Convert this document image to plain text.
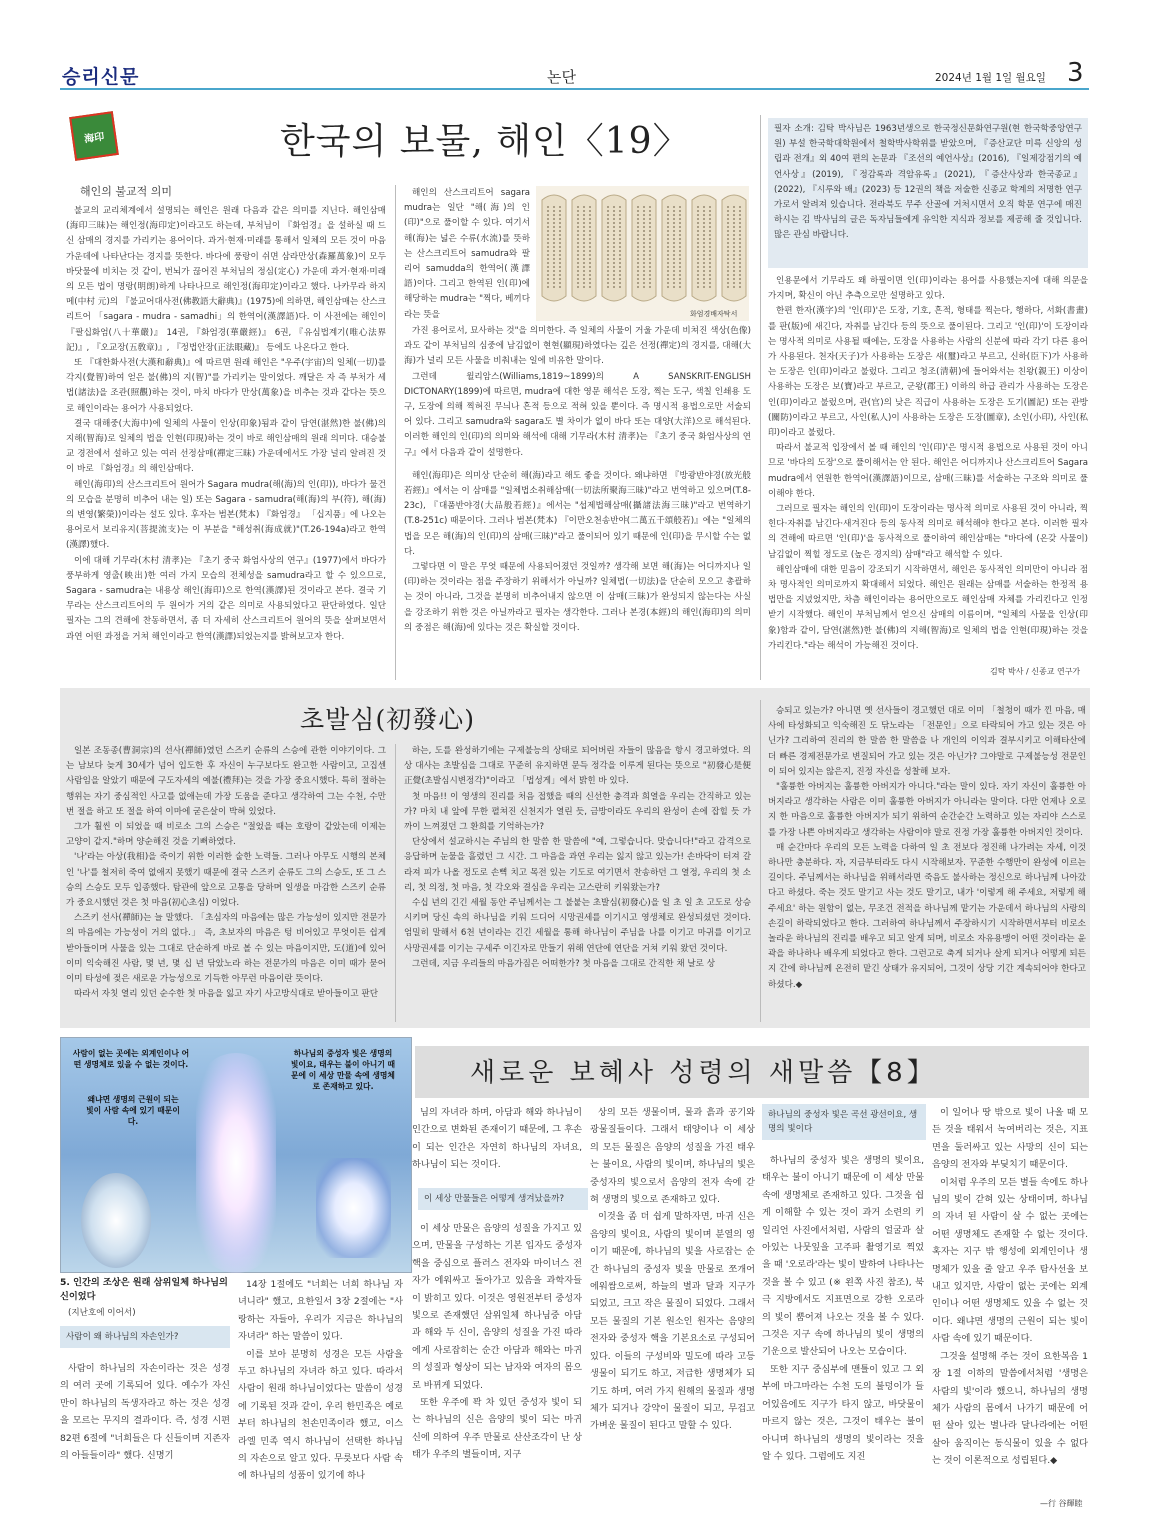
승리신문	논단	2024년 1월 1일 월요일 3
海印	한국의 보물, 해인〈19〉
해인의 불교적 의미

불교의 교리체계에서 설명되는 해인은 원래 다음과 같은 의미를 지닌다. 해인삼매(海印三昧)는 해인정(海印定)이라고도 하는데, 부처님이 『화엄경』을 설하실 때 드신 삼매의 경지를 가리키는 용어이다. 과거·현재·미래를 통해서 일체의 모든 것이 마음 가운데에 나타난다는 경지를 뜻한다. 바다에 풍랑이 쉬면 삼라만상(森羅萬象)이 모두 바닷물에 비치는 것 같이, 번뇌가 끊어진 부처님의 정심(定心) 가운데 과거·현재·미래의 모든 법이 명랑(明朗)하게 나타나므로 해인정(海印定)이라고 했다. 나카무라 하지메(中村 元)의 『불교어대사전(佛教語大辭典)』(1975)에 의하면, 해인삼매는 산스크리트어 「sagara - mudra - samadhi」의 한역어(漢譯語)다. 이 사전에는 해인이 『팔십화엄(八十華嚴)』 14권, 『화엄경(華嚴經)』 6권, 『유심법계기(唯心法界記)』, 『오교장(五敎章)』, 『정법안장(正法眼藏)』 등에도 나온다고 한다.

또 『대한화사전(大漢和辭典)』에 따르면 원래 해인은 "우주(宇宙)의 일체(一切)를 각지(覺智)하여 얻은 불(佛)의 지(智)"를 가리키는 말이었다. 깨달은 자 즉 부처가 세법(諸法)을 조관(照觀)하는 것이, 마치 바다가 만상(萬象)을 비추는 것과 같다는 뜻으로 해인이라는 용어가 사용되었다.

결국 대해중(大海中)에 일체의 사물이 인상(印象)됨과 같이 담연(湛然)한 불(佛)의 지해(智海)로 일체의 법을 인현(印現)하는 것이 바로 해인삼매의 원래 의미다. 대승불교 경전에서 설하고 있는 여러 선정삼매(禪定三昧) 가운데에서도 가장 널리 알려진 것이 바로 『화엄경』의 해인삼매다.

해인(海印)의 산스크리트어 원어가 Sagara mudra(해(海)의 인(印)), 바다가 물건의 모습을 분명히 비추어 내는 일) 또는 Sagara - samudra(해(海)의 부(符), 해(海)의 변영(繁榮))이라는 설도 있다. 후자는 범본(梵本) 『화엄경』 「십지품」에 나오는 용어로서 보리유지(菩提流支)는 이 부분을 "해성취(海成就)"(T.26-194a)라고 한역(漢譯)했다.

이에 대해 기무라(木村 清孝)는 『초기 중국 화엄사상의 연구』(1977)에서 바다가 풍부하게 영출(映出)한 여러 가지 모습의 전체성을 samudra라고 할 수 있으므로, Sagara - samudra는 내용상 해인(海印)으로 한역(漢譯)된 것이라고 본다. 결국 기무라는 산스크리트어의 두 원어가 거의 같은 의미로 사용되었다고 판단하였다. 일단 필자는 그의 견해에 찬동하면서, 좀 더 자세히 산스크리트어 원어의 뜻을 살펴보면서 과연 어떤 과정을 거쳐 해인이라고 한역(漢譯)되었는지를 밝혀보고자 한다.

해인의 산스크리트어 sagara mudra는 일단 "해(海)의 인(印)"으로 풀이할 수 있다. 여기서 해(海)는 넓은 수류(水流)를 뜻하는 산스크리트어 samudra와 팔리어 samudda의 한역어(漢譯語)이다. 그리고 한역된 인(印)에 해당하는 mudra는 "찍다, 베끼다 라는 뜻을	화엄경배자탁서

가진 용어로서, 묘사하는 것"을 의미한다. 즉 일체의 사물이 거울 가운데 비쳐진 색상(色像)과도 같이 부처님의 심중에 남김없이 현현(顯現)하였다는 깊은 선정(禪定)의 경지를, 대해(大海)가 널리 모든 사물을 비춰내는 일에 비유한 말이다.

그런데 윌리암스(Williams,1819~1899)의 A SANSKRIT-ENGLISH DICTONARY(1899)에 따르면, mudra에 대한 영문 해석은 도장, 찍는 도구, 색칠 인쇄용 도구, 도장에 의해 찍혀진 무늬나 흔적 등으로 적혀 있을 뿐이다. 즉 명시적 용법으로만 서술되어 있다. 그리고 samudra와 sagara도 별 차이가 없이 바다 또는 대양(大洋)으로 해석된다. 이러한 해인의 인(印)의 의미와 해석에 대해 기무라(木村 清孝)는 『초기 중국 화엄사상의 연구』에서 다음과 같이 설명한다.

해인(海印)은 의미상 단순히 해(海)라고 해도 좋을 것이다. 왜냐하면 『방광반야경(放光般若經)』에서는 이 삼매를 "일체법소취해삼매(一切法所聚海三昧)"라고 번역하고 있으며(T.8-23c), 『대품반야경(大品般若經)』에서는 "섭제법해삼매(攝諸法海三昧)"라고 번역하기(T.8-251c) 때문이다. 그러나 범본(梵本) 『이만오천송반야(二萬五千頌般若)』에는 "일체의 법을 모은 해(海)의 인(印)의 삼매(三昧)"라고 풀이되어 있기 때문에 인(印)을 무시할 수는 없다.

그렇다면 이 말은 무엇 때문에 사용되어졌던 것일까? 생각해 보면 해(海)는 어디까지나 일(印)하는 것이라는 점을 주장하기 위해서가 아닐까? 일체법(一切法)을 단순히 모으고 총괄하는 것이 아니라, 그것을 분명히 비추어내지 않으면 이 삼매(三昧)가 완성되지 않는다는 사실을 강조하기 위한 것은 아닐까라고 필자는 생각한다. 그러나 본경(本經)의 해인(海印)의 의미의 중점은 해(海)에 있다는 것은 확실할 것이다.

필자 소개: 김탁 박사님은 1963년생으로 한국정신문화연구원(현 한국학중앙연구원) 부설 한국학대학원에서 철학박사학위를 받았으며, 『증산교단 미륵 신앙의 성립과 전개』외 40여 편의 논문과 『조선의 예언사상』(2016), 『일제강점기의 예언사상』(2019), 『정감록과 격암유록』(2021), 『증산사상과 한국종교』(2022), 『시루와 배』(2023) 등 12권의 책을 저술한 신종교 학계의 저명한 연구가로서 알려져 있습니다. 전라북도 무주 산골에 거처시면서 오직 학문 연구에 매진하시는 김 박사님의 글은 독자님들에게 유익한 지식과 정보를 제공해 줄 것입니다. 많은 관심 바랍니다.

인용문에서 기무라도 왜 하필이면 인(印)이라는 용어를 사용했는지에 대해 의문을 가지며, 확신이 아닌 추측으로만 설명하고 있다.

한편 한자(漢字)의 '인(印)'은 도장, 기호, 흔적, 형태를 찍는다, 행하다, 서화(書畫)를 판(版)에 새긴다, 자취를 남긴다 등의 뜻으로 풀이된다. 그리고 '인(印)'이 도장이라는 명사적 의미로 사용될 때에는, 도장을 사용하는 사람의 신분에 따라 각기 다른 용어가 사용된다. 천자(天子)가 사용하는 도장은 새(璽)라고 부르고, 신하(臣下)가 사용하는 도장은 인(印)이라고 불렀다. 그리고 청조(清朝)에 들어와서는 친왕(親王) 이상이 사용하는 도장은 보(寶)라고 부르고, 군왕(郡王) 이하의 하급 관리가 사용하는 도장은 인(印)이라고 불렀으며, 관(官)의 낮은 직급이 사용하는 도장은 도기(圖記) 또는 관방(關防)이라고 부르고, 사인(私人)이 사용하는 도장은 도장(圖章), 소인(小印), 사인(私印)이라고 불렀다.

따라서 불교적 입장에서 볼 때 해인의 '인(印)'은 명시적 용법으로 사용된 것이 아니므로 '바다의 도장'으로 풀이해서는 안 된다. 해인은 어디까지나 산스크리트어 Sagara mudra에서 연원한 한역어(漢譯語)이므로, 삼매(三昧)를 서술하는 구조와 의미로 풀이해야 한다.

그러므로 필자는 해인의 인(印)이 도장이라는 명사적 의미로 사용된 것이 아니라, 찍힌다·자취를 남긴다·새겨진다 등의 동사적 의미로 해석해야 한다고 본다. 이러한 필자의 견해에 따르면 '인(印)'을 동사적으로 풀이하여 해인삼매는 "바다에 (온갖 사물이) 남김없이 찍힐 정도로 (높은 경지의) 삼매"라고 해석할 수 있다.

해인삼매에 대한 믿음이 강조되기 시작하면서, 해인은 동사적인 의미만이 아니라 점차 명사적인 의미로까지 확대해서 되었다. 해인은 원래는 삼매를 서술하는 한정적 용법만을 지녔었지만, 차츰 해인이라는 용어만으로도 해인삼매 자체를 가리킨다고 인정받기 시작했다. 해인이 부처님께서 얻으신 삼매의 이름이며, "일체의 사물을 인상(印象)함과 같이, 담연(湛然)한 불(佛)의 지해(智海)로 일체의 법을 인현(印現)하는 것을 가리킨다."라는 해석이 가능해진 것이다.

김탁 박사 / 신종교 연구가
초발심(初發心)

일본 조동종(曹洞宗)의 선사(禪師)였던 스즈키 순류의 스승에 관한 이야기이다. 그는 남보다 늦게 30세가 넘어 입도한 후 자신이 누구보다도 완고한 사람이고, 고집센 사람임을 알았기 때문에 구도자세의 예불(禮拜)는 것을 가장 중요시했다. 특히 절하는 행위는 자기 중심적인 사고를 없애는데 가장 도움을 준다고 생각하여 그는 수천, 수만 번 절을 하고 또 절을 하여 이마에 굳은살이 박혀 있었다.

그가 훨씬 이 되었을 때 비로소 그의 스승은 "절었을 때는 호랑이 같았는데 이제는 고양이 같지."하며 양순해진 것을 기뻐하였다.

'나'라는 아상(我相)을 죽이기 위한 이러한 숱한 노력들. 그러나 아무도 시행의 본체인 '나'를 철저히 죽여 없애지 못했기 때문에 결국 스즈키 순류도 그의 스승도, 또 그 스승의 스승도 모두 입종했다. 탐관에 앞으로 고통을 당하며 일생을 마감한 스즈키 순류가 중요시했던 것은 첫 마음(初心초심) 이었다.

스즈키 선사(禪師)는 늘 말했다. 「초심자의 마음에는 많은 가능성이 있지만 전문가의 마음에는 가능성이 거의 없다.」 즉, 초보자의 마음은 텅 비어있고 무엇이든 쉽게 받아들이며 사물을 있는 그대로 단순하게 바로 볼 수 있는 마음이지만, 도(道)에 있어 이미 익숙해진 사람, 몇 년, 몇 십 년 닦았노라 하는 전문가의 마음은 이미 때가 묻어 이미 타성에 젖은 새로운 가능성으로 기득한 아무런 마음이란 뜻이다.

따라서 자칫 열리 있던 순수한 첫 마음을 잃고 자기 사고방식대로 받아들이고 판단

하는, 도를 완성하기에는 구제불능의 상태로 되어버린 자들이 많음을 항시 경고하였다. 의상 대사는 초발심을 그대로 꾸준히 유지하면 문득 정각을 이루게 된다는 뜻으로 "初發心是便正覺(초발심시변정각)"이라고 「법성게」에서 밝힌 바 있다.

첫 마음!! 이 영생의 진리를 처음 접했을 때의 신선한 충격과 희열을 우리는 간직하고 있는가? 마치 내 앞에 무한 펼쳐진 신천지가 열린 듯, 금방이라도 우리의 완성이 손에 잡힐 듯 가까이 느껴졌던 그 환희를 기억하는가?

단상에서 설교하시는 주님의 한 말씀 한 말씀에 "예, 그렇습니다. 맞습니다!"라고 감격으로 응답하며 눈물을 흘렸던 그 시간. 그 마음을 과연 우리는 잃지 않고 있는가! 손바닥이 터져 갈라져 피가 나올 정도로 손뼉 치고 목전 있는 기도로 여기면서 찬송하던 그 열정, 우리의 첫 소리, 첫 의정, 첫 마음, 첫 각오와 결심을 우리는 고스란히 키워왔는가?

수십 년의 긴긴 세월 동안 주님께서는 그 불붙는 초발심(初發心)을 일 초 일 초 고도로 상승시키며 당신 속의 하나님을 키워 드디어 시망권세를 이기시고 영생체로 완성되셨던 것이다. 엄밀히 말해서 6천 년이라는 긴긴 세월을 통해 하나님이 주님을 나를 이기고 마귀를 이기고 사망권세를 이기는 구세주 이긴자로 만들기 위해 연단에 연단을 거쳐 키워 왔던 것이다.

그런데, 지금 우리들의 마음가짐은 어떠한가? 첫 마음을 그대로 간직한 채 날로 상

승되고 있는가? 아니면 옛 선사들이 경고했던 대로 이미 「철청이 때가 낀 마음, 매사에 타성화되고 익숙해진 도 닦노라는 「전문인」으로 타락되어 가고 있는 것은 아닌가? 그리하여 진리의 한 말씀 한 말씀을 나 개인의 이익과 결부시키고 이해타산에 더 빠른 경제전문가로 변질되어 가고 있는 것은 아닌가? 그야말로 구제불능성 전문인이 되어 있지는 않은지, 진정 자신을 성찰해 보자.

"훌륭한 아버지는 훌륭한 아버지가 아니다."라는 말이 있다. 자기 자신이 훌륭한 아버지라고 생각하는 사람은 이미 훌륭한 아버지가 아니라는 말이다. 다만 언제나 오로지 한 마음으로 훌륭한 아버지가 되기 위하여 순간순간 노력하고 있는 자리야 스스로를 가장 나쁜 아버지라고 생각하는 사람이야 말로 진정 가장 훌륭한 아버지인 것이다.

매 순간마다 우리의 모든 노력을 다하여 일 초 전보다 정진해 나가려는 자세, 이것 하나만 충분하다. 자, 지금부터라도 다시 시작해보자. 꾸준한 수행만이 완성에 이르는 길이다. 주님께서는 하나님을 위해서라면 죽음도 불사하는 정신으로 하나님께 나아갔다고 하셨다. 죽는 것도 말기고 사는 것도 말기고, 내가 '이렇게 해 주세요, 저렇게 해 주세요' 하는 원함이 없는, 무조건 전적을 하나님께 맡기는 가운데서 하나님의 사랑의 손길이 하락되었다고 한다. 그러하여 하나님께서 주장하시기 시작하면서부터 비로소 놀라운 하나님의 진리를 배우고 되고 알게 되며, 비로소 자유용맹이 어떤 것이라는 윤곽을 하나하나 배우게 되었다고 한다. 그런고로 축게 되거나 살게 되거나 어떻게 되든지 간에 하나님께 온전히 맡긴 상태가 유지되어, 그것이 상당 기간 계속되어야 한다고 하셨다.◆

사람이 없는 곳에는 외계인이나 어떤 생명체로 있을 수 없는 것이다.
왜냐면 생명의 근원이 되는 빛이 사람 속에 있기 때문이다.
하나님의 중성자 빛은 생명의 빛이요, 태우는 불이 아니기 때문에 이 세상 만물 속에 생명체로 존재하고 있다.	새로운 보혜사 성령의 새말씀【8】
5. 인간의 조상은 원래 삼위일체 하나님의 신이었다
(지난호에 이어서)
사람이 왜 하나님의 자손인가?

사람이 하나님의 자손이라는 것은 성경의 여러 곳에 기록되어 있다. 예수가 자신만이 하나님의 독생자라고 하는 것은 성경을 모르는 무지의 결과이다. 즉, 성경 시편 82편 6절에 "너희들은 다 신들이며 지존자의 아들들이라" 했다. 신명기

14장 1절에도 "너희는 너희 하나님 자녀니라" 했고, 요한일서 3장 2절에는 "사랑하는 자들아, 우리가 지금은 하나님의 자녀라" 하는 말씀이 있다.

이를 보아 분명히 성경은 모든 사람을 두고 하나님의 자녀라 하고 있다. 따라서 사람이 원래 하나님이었다는 말씀이 성경에 기록된 것과 같이, 우리 한민족은 예로부터 하나님의 천손민족이라 했고, 이스라엘 민족 역시 하나님이 선택한 하나님의 자손으로 알고 있다. 무릇보다 사람 속에 하나님의 성품이 있기에 하나

님의 자녀라 하며, 아담과 해와 하나님이 인간으로 변화된 존재이기 때문에, 그 후손이 되는 인간은 자연히 하나님의 자녀요, 하나님이 되는 것이다.

이 세상 만물들은 어떻게 생겨났을까?

이 세상 만물은 음양의 성질을 가지고 있으며, 만물을 구성하는 기본 입자도 중성자 핵을 중심으로 플러스 전자와 마이너스 전자가 에워싸고 돌아가고 있음을 과학자들이 밝히고 있다. 이것은 영원전부터 중성자 빛으로 존재했던 삼위일체 하나님중 아담과 해와 두 신이, 음양의 성질을 가진 따라에게 사로잡히는 순간 아담과 해와는 마귀의 성질과 형상이 되는 남자와 여자의 몸으로 바뀌게 되었다.

또한 우주에 꽉 차 있던 중성자 빛이 되는 하나님의 신은 음양의 빛이 되는 마귀 신에 의하여 우주 만물로 산산조각이 난 상태가 우주의 별들이며, 지구

상의 모든 생물이며, 물과 흙과 공기와 광물질들이다. 그래서 태양이나 이 세상의 모든 물질은 음양의 성질을 가진 태우는 불이요, 사람의 빛이며, 하나님의 빛은 중성자의 빛으로서 음양의 전자 속에 갇혀 생명의 빛으로 존재하고 있다.

이것을 좀 더 쉽게 말하자면, 마귀 신은 음양의 빛이요, 사람의 빛이며 분열의 영이기 때문에, 하나님의 빛을 사로잡는 순간 하나님의 중성자 빛을 만물로 쪼개어 에워쌈으로써, 하늘의 별과 달과 지구가 되었고, 크고 작은 물질이 되었다. 그래서 모든 물질의 기본 원소인 원자는 음양의 전자와 중성자 핵을 기본요소로 구성되어 있다. 이들의 구성비와 밀도에 따라 고등 생물이 되기도 하고, 저급한 생명체가 되기도 하며, 여러 가지 원해의 물질과 생명체가 되거나 강약이 물질이 되고, 무겁고 가벼운 물질이 된다고 말할 수 있다.

하나님의 중성자 빛은 곡선 광선이요, 생명의 빛이다

하나님의 중성자 빛은 생명의 빛이요, 태우는 불이 아니기 때문에 이 세상 만물 속에 생명체로 존재하고 있다. 그것을 쉽게 이해할 수 있는 것이 과거 소련의 키일리언 사진에서처럼, 사람의 얼굴과 살아있는 나뭇잎을 고주파 촬영기로 찍었을 때 '오로라'라는 빛이 발하여 나타나는 것을 볼 수 있고 (※ 왼쪽 사진 참조), 북극 지방에서도 지표면으로 강한 오로라의 빛이 뿜어져 나오는 것을 볼 수 있다. 그것은 지구 속에 하나님의 빛이 생명의 기운으로 발산되어 나오는 모습이다.

또한 지구 중심부에 맨틀이 있고 그 외부에 마그마라는 수천 도의 불덩이가 들어있음에도 지구가 타지 않고, 바닷물이 마르지 않는 것은, 그것이 태우는 불이 아니며 하나님의 생명의 빛이라는 것을 알 수 있다. 그럼에도 지진

이 일어나 땅 밖으로 빛이 나올 때 모든 것을 태워서 녹여버리는 것은, 지표면을 둘러싸고 있는 사망의 신이 되는 음양의 전자와 부딪치기 때문이다.

이처럼 우주의 모든 별들 속에도 하나님의 빛이 갇혀 있는 상태이며, 하나님의 자녀 된 사람이 살 수 없는 곳에는 어떤 생명체도 존재할 수 없는 것이다. 혹자는 지구 밖 행성에 외계인이나 생명체가 있을 줄 알고 우주 탐사선을 보내고 있지만, 사람이 없는 곳에는 외계인이나 어떤 생명체도 있을 수 없는 것이다. 왜냐면 생명의 근원이 되는 빛이 사람 속에 있기 때문이다.

그것을 설명해 주는 것이 요한복음 1장 1절 이하의 말씀에서처럼 '생명은 사람의 빛'이라 했으니, 하나님의 생명체가 사람의 몸에서 나가기 때문에 어떤 살아 있는 별나라 달나라에는 어떤 살아 움직이는 동식물이 있을 수 없다는 것이 이론적으로 성립된다.◆

—行 谷輝睦
